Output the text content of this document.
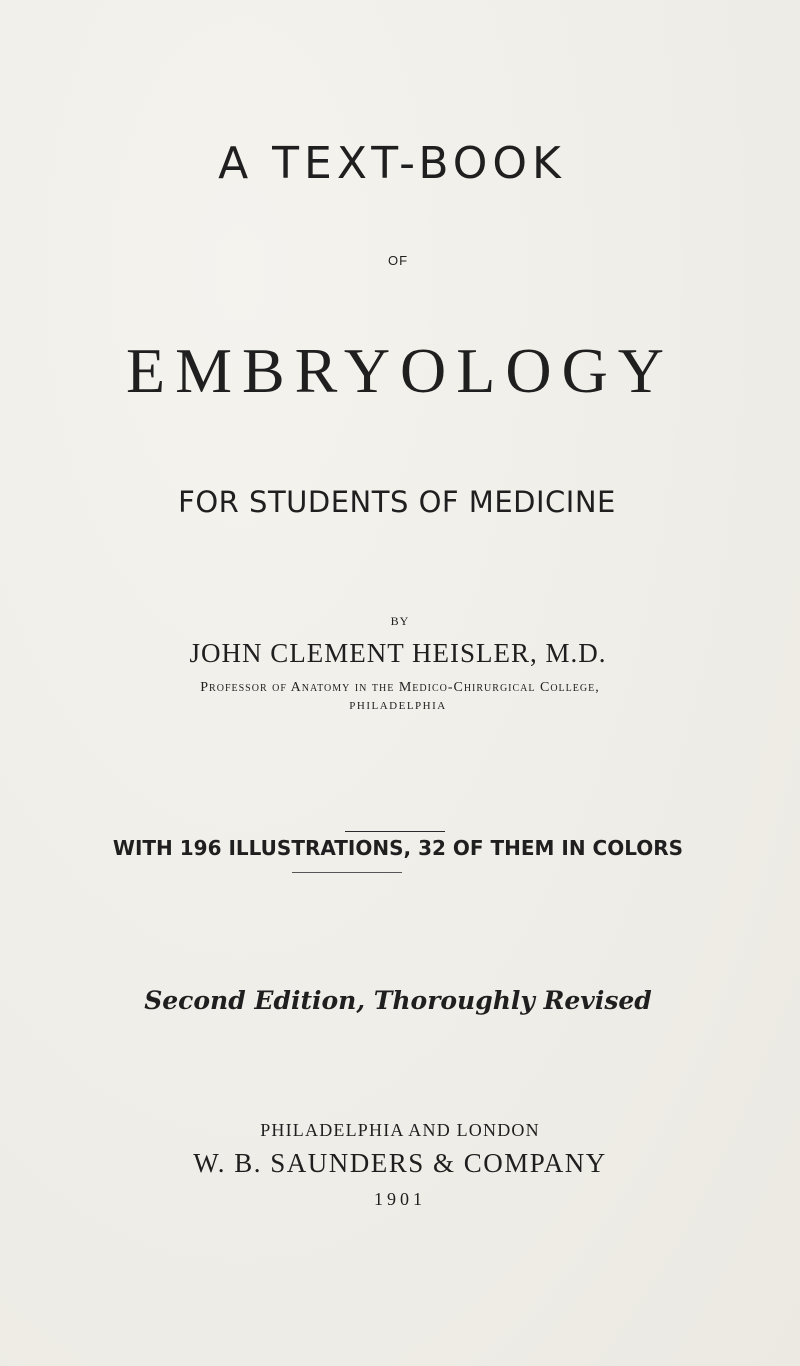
A TEXT-BOOK
OF
EMBRYOLOGY
FOR STUDENTS OF MEDICINE
BY
JOHN CLEMENT HEISLER, M.D.
Professor of Anatomy in the Medico-Chirurgical College,
PHILADELPHIA
WITH 196 ILLUSTRATIONS, 32 OF THEM IN COLORS
Second Edition, Thoroughly Revised
PHILADELPHIA AND LONDON
W. B. SAUNDERS & COMPANY
1901
